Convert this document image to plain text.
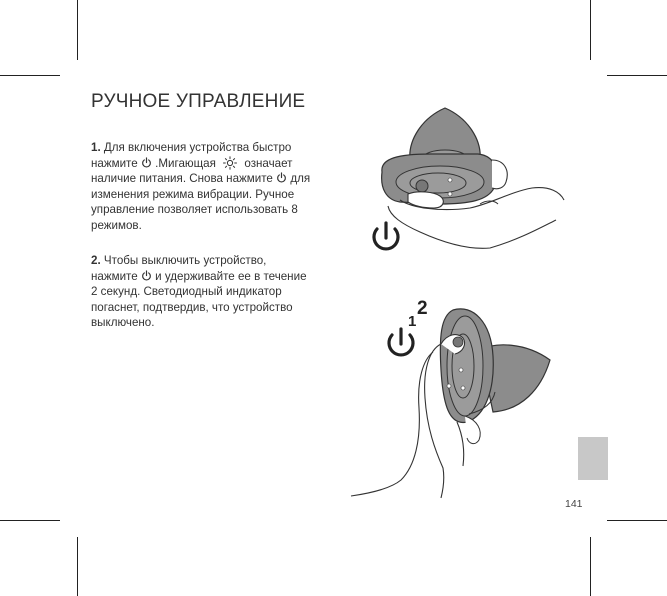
РУЧНОЕ УПРАВЛЕНИЕ
1. Для включения устройства быстро
нажмите .Мигающая означает
наличие питания. Снова нажмите для
изменения режима вибрации. Ручное
управление позволяет использовать 8
режимов.
2. Чтобы выключить устройство,
нажмите и удерживайте ее в течение
2 секунд. Светодиодный индикатор
погаснет, подтвердив, что устройство
выключено.	1
2
141
